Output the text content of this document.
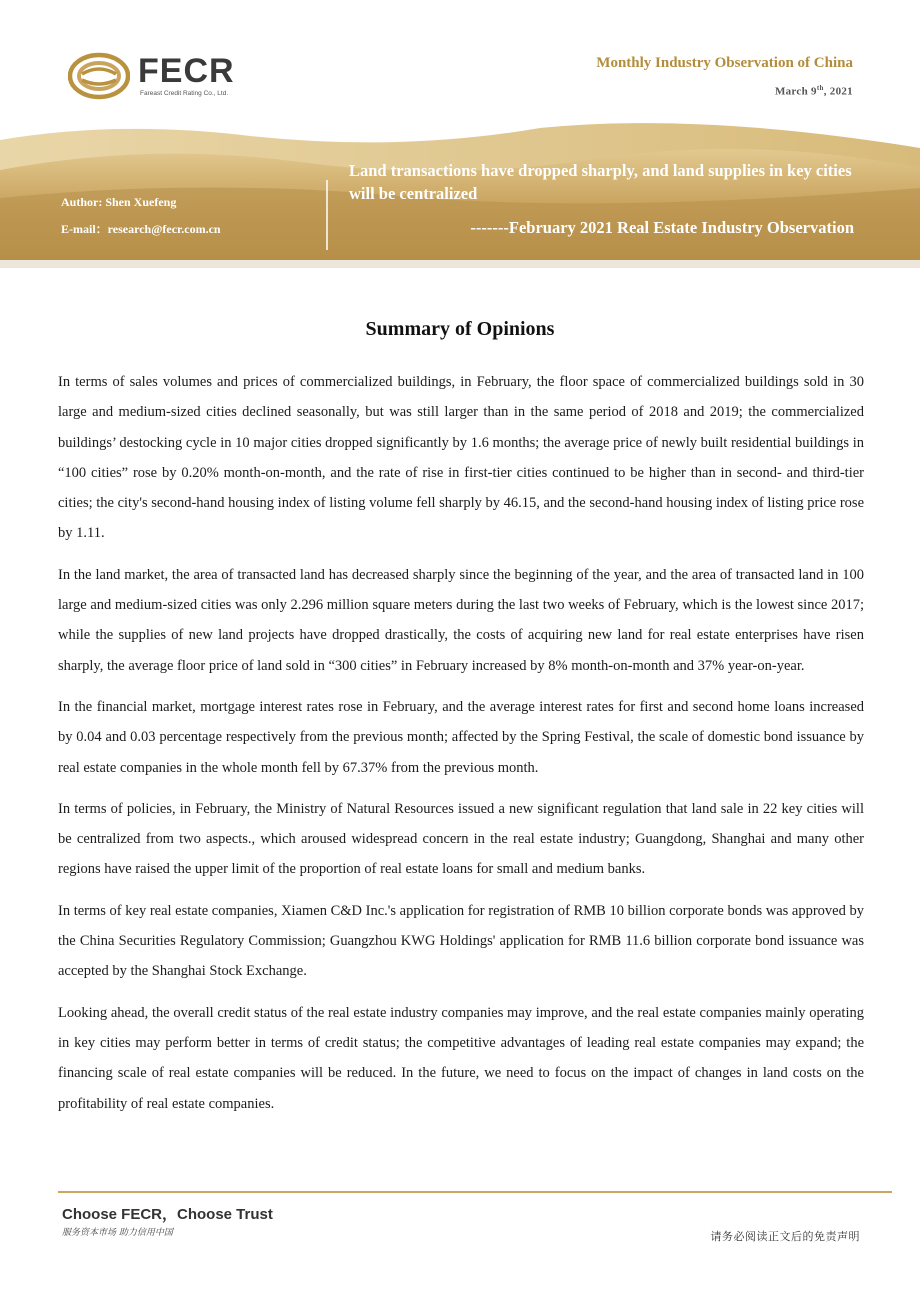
FECR
Fareast Credit Rating Co., Ltd.
Monthly Industry Observation of China
March 9th, 2021
Author: Shen Xuefeng
E-mail：research@fecr.com.cn
Land transactions have dropped sharply, and land supplies in key cities will be centralized
-------February 2021 Real Estate Industry Observation
Summary of Opinions

In terms of sales volumes and prices of commercialized buildings, in February, the floor space of commercialized buildings sold in 30 large and medium-sized cities declined seasonally, but was still larger than in the same period of 2018 and 2019; the commercialized buildings’ destocking cycle in 10 major cities dropped significantly by 1.6 months; the average price of newly built residential buildings in “100 cities” rose by 0.20% month-on-month, and the rate of rise in first-tier cities continued to be higher than in second- and third-tier cities; the city's second-hand housing index of listing volume fell sharply by 46.15, and the second-hand housing index of listing price rose by 1.11.

In the land market, the area of transacted land has decreased sharply since the beginning of the year, and the area of transacted land in 100 large and medium-sized cities was only 2.296 million square meters during the last two weeks of February, which is the lowest since 2017; while the supplies of new land projects have dropped drastically, the costs of acquiring new land for real estate enterprises have risen sharply, the average floor price of land sold in “300 cities” in February increased by 8% month-on-month and 37% year-on-year.

In the financial market, mortgage interest rates rose in February, and the average interest rates for first and second home loans increased by 0.04 and 0.03 percentage respectively from the previous month; affected by the Spring Festival, the scale of domestic bond issuance by real estate companies in the whole month fell by 67.37% from the previous month.

In terms of policies, in February, the Ministry of Natural Resources issued a new significant regulation that land sale in 22 key cities will be centralized from two aspects., which aroused widespread concern in the real estate industry; Guangdong, Shanghai and many other regions have raised the upper limit of the proportion of real estate loans for small and medium banks.

In terms of key real estate companies, Xiamen C&D Inc.'s application for registration of RMB 10 billion corporate bonds was approved by the China Securities Regulatory Commission; Guangzhou KWG Holdings' application for RMB 11.6 billion corporate bond issuance was accepted by the Shanghai Stock Exchange.

Looking ahead, the overall credit status of the real estate industry companies may improve, and the real estate companies mainly operating in key cities may perform better in terms of credit status; the competitive advantages of leading real estate companies may expand; the financing scale of real estate companies will be reduced. In the future, we need to focus on the impact of changes in land costs on the profitability of real estate companies.

Choose FECR，Choose Trust
服务资本市场 助力信用中国	请务必阅读正文后的免责声明
